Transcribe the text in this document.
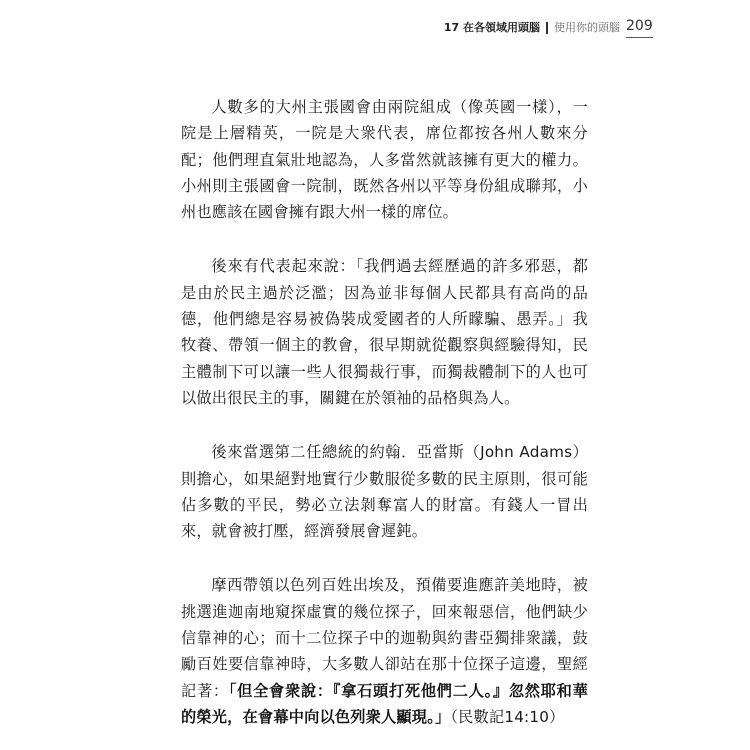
17 在各領域用頭腦 使用你的頭腦 209

人數多的大州主張國會由兩院組成（像英國一樣），一院是上層精英，一院是大衆代表，席位都按各州人數來分配；他們理直氣壯地認為，人多當然就該擁有更大的權力。小州則主張國會一院制，既然各州以平等身份組成聯邦，小州也應該在國會擁有跟大州一樣的席位。

後來有代表起來說：「我們過去經歷過的許多邪惡，都是由於民主過於泛濫；因為並非每個人民都具有高尚的品德，他們總是容易被偽裝成愛國者的人所矇騙、愚弄。」我牧養、帶領一個主的教會，很早期就從觀察與經驗得知，民主體制下可以讓一些人很獨裁行事，而獨裁體制下的人也可以做出很民主的事，關鍵在於領袖的品格與為人。

後來當選第二任總統的約翰．亞當斯（John Adams）則擔心，如果絕對地實行少數服從多數的民主原則，很可能佔多數的平民，勢必立法剝奪富人的財富。有錢人一冒出來，就會被打壓，經濟發展會遲鈍。

摩西帶領以色列百姓出埃及，預備要進應許美地時，被挑選進迦南地窺探虛實的幾位探子，回來報惡信，他們缺少信靠神的心；而十二位探子中的迦勒與約書亞獨排衆議，鼓勵百姓要信靠神時，大多數人卻站在那十位探子這邊，聖經記著：「但全會衆說：『拿石頭打死他們二人。』忽然耶和華的榮光，在會幕中向以色列衆人顯現。」（民數記14:10）
